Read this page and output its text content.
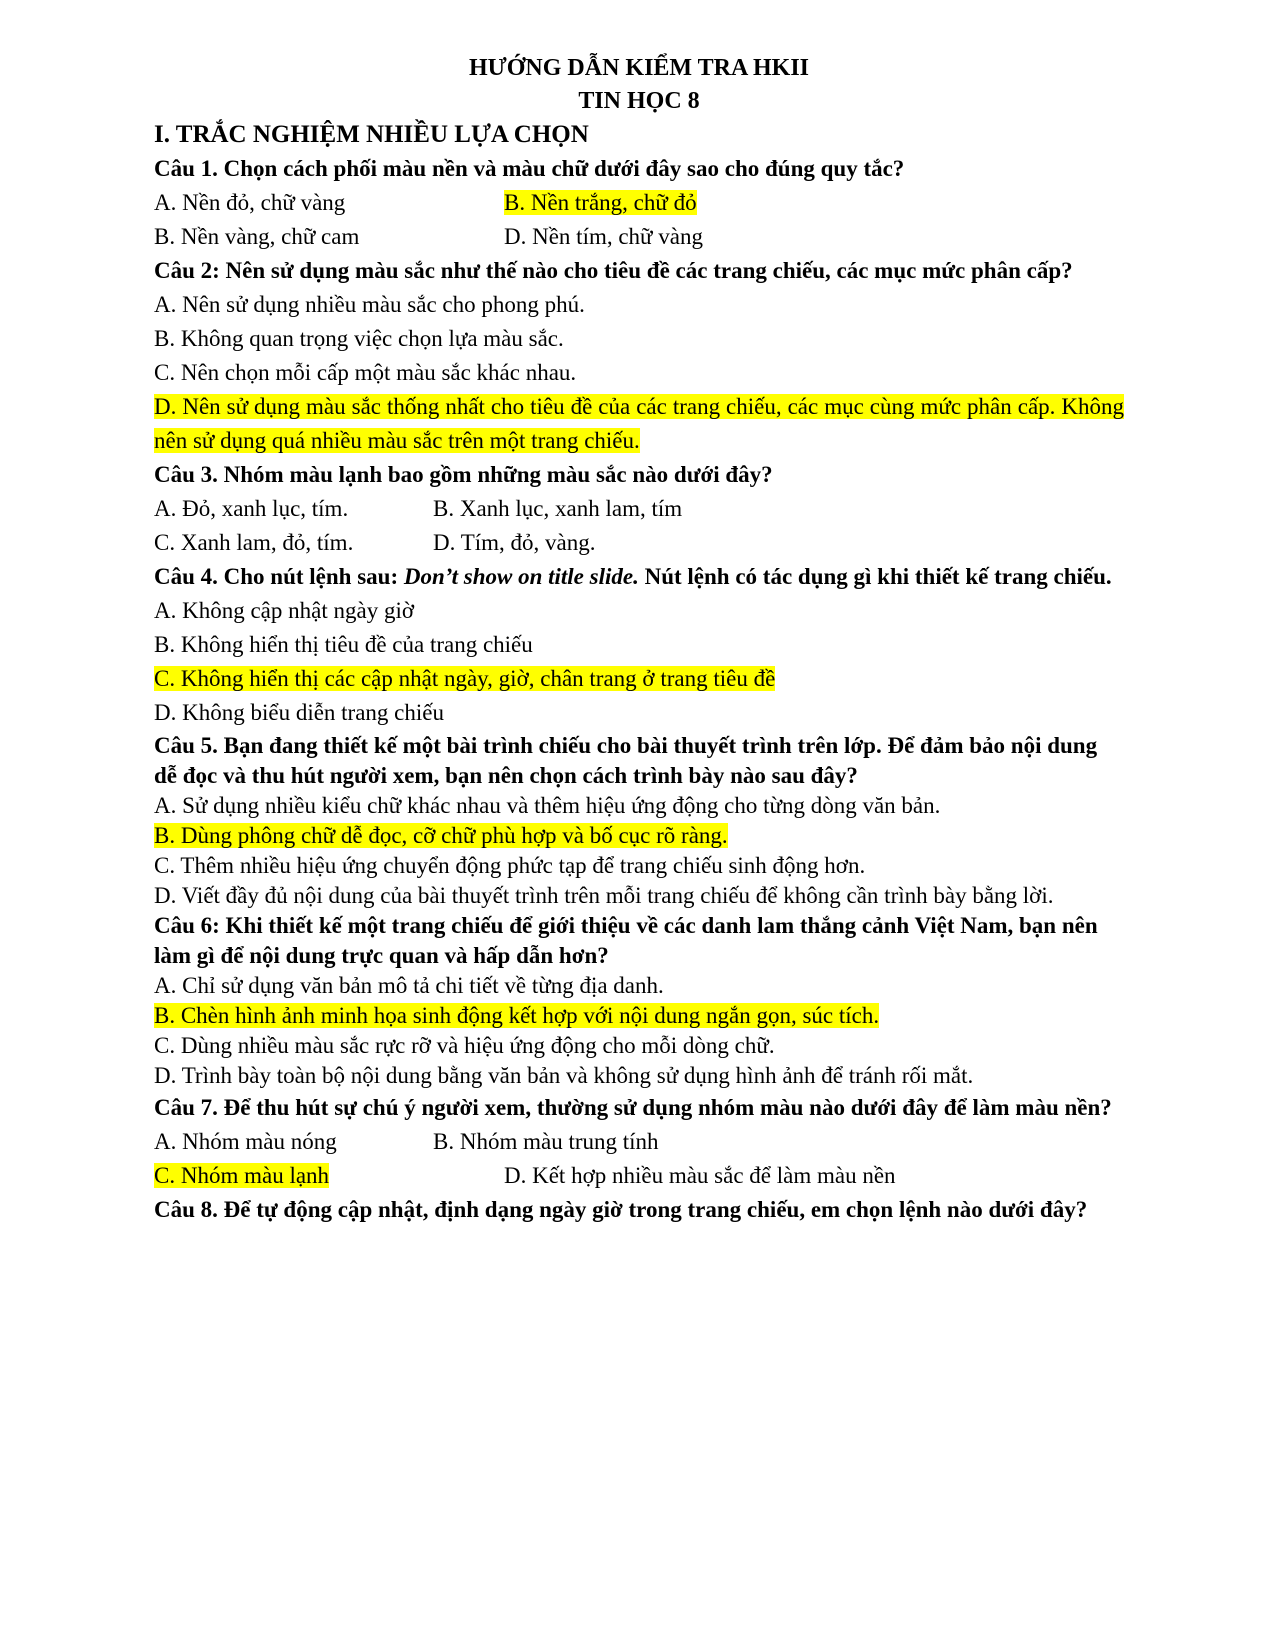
HƯỚNG DẪN KIỂM TRA HKII
TIN HỌC 8
I. TRẮC NGHIỆM NHIỀU LỰA CHỌN
Câu 1. Chọn cách phối màu nền và màu chữ dưới đây sao cho đúng quy tắc?
A. Nền đỏ, chữ vàng	B. Nền trắng, chữ đỏ
B. Nền vàng, chữ cam	D. Nền tím, chữ vàng
Câu 2: Nên sử dụng màu sắc như thế nào cho tiêu đề các trang chiếu, các mục mức phân cấp?
A. Nên sử dụng nhiều màu sắc cho phong phú.
B. Không quan trọng việc chọn lựa màu sắc.
C. Nên chọn mỗi cấp một màu sắc khác nhau.
D. Nên sử dụng màu sắc thống nhất cho tiêu đề của các trang chiếu, các mục cùng mức phân cấp. Không nên sử dụng quá nhiều màu sắc trên một trang chiếu.
Câu 3. Nhóm màu lạnh bao gồm những màu sắc nào dưới đây?
A. Đỏ, xanh lục, tím.	B. Xanh lục, xanh lam, tím
C. Xanh lam, đỏ, tím.	D. Tím, đỏ, vàng.
Câu 4. Cho nút lệnh sau: Don’t show on title slide. Nút lệnh có tác dụng gì khi thiết kế trang chiếu.
A. Không cập nhật ngày giờ
B. Không hiển thị tiêu đề của trang chiếu
C. Không hiển thị các cập nhật ngày, giờ, chân trang ở trang tiêu đề
D. Không biểu diễn trang chiếu
Câu 5. Bạn đang thiết kế một bài trình chiếu cho bài thuyết trình trên lớp. Để đảm bảo nội dung dễ đọc và thu hút người xem, bạn nên chọn cách trình bày nào sau đây?
A. Sử dụng nhiều kiểu chữ khác nhau và thêm hiệu ứng động cho từng dòng văn bản.
B. Dùng phông chữ dễ đọc, cỡ chữ phù hợp và bố cục rõ ràng.
C. Thêm nhiều hiệu ứng chuyển động phức tạp để trang chiếu sinh động hơn.
D. Viết đầy đủ nội dung của bài thuyết trình trên mỗi trang chiếu để không cần trình bày bằng lời.
Câu 6: Khi thiết kế một trang chiếu để giới thiệu về các danh lam thắng cảnh Việt Nam, bạn nên làm gì để nội dung trực quan và hấp dẫn hơn?
A. Chỉ sử dụng văn bản mô tả chi tiết về từng địa danh.
B. Chèn hình ảnh minh họa sinh động kết hợp với nội dung ngắn gọn, súc tích.
C. Dùng nhiều màu sắc rực rỡ và hiệu ứng động cho mỗi dòng chữ.
D. Trình bày toàn bộ nội dung bằng văn bản và không sử dụng hình ảnh để tránh rối mắt.
Câu 7. Để thu hút sự chú ý người xem, thường sử dụng nhóm màu nào dưới đây để làm màu nền?
A. Nhóm màu nóng	B. Nhóm màu trung tính
C. Nhóm màu lạnh	D. Kết hợp nhiều màu sắc để làm màu nền
Câu 8. Để tự động cập nhật, định dạng ngày giờ trong trang chiếu, em chọn lệnh nào dưới đây?
